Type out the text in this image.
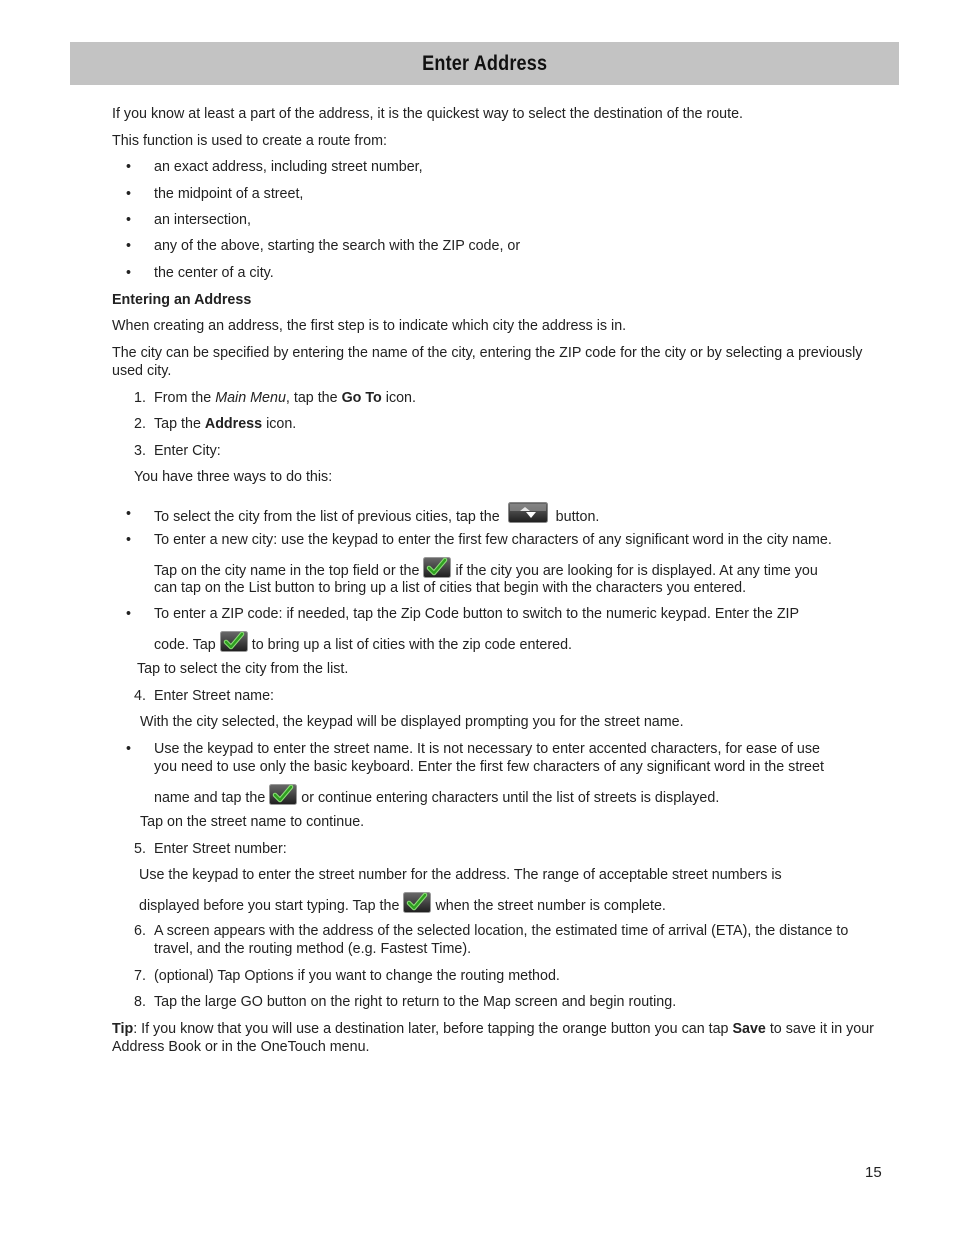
Enter Address
If you know at least a part of the address, it is the quickest way to select the destination of the route.
This function is used to create a route from:
• an exact address, including street number,
• the midpoint of a street,
• an intersection,
• any of the above, starting the search with the ZIP code, or
• the center of a city.
Entering an Address
When creating an address, the first step is to indicate which city the address is in.
The city can be specified by entering the name of the city, entering the ZIP code for the city or by selecting a previously used city.
1. From the Main Menu, tap the Go To icon.
2. Tap the Address icon.
3. Enter City:
You have three ways to do this:
• To select the city from the list of previous cities, tap the	button.
• To enter a new city: use the keypad to enter the first few characters of any significant word in the city name.
Tap on the city name in the top field or the	if the city you are looking for is displayed. At any time you
can tap on the List button to bring up a list of cities that begin with the characters you entered.
• To enter a ZIP code: if needed, tap the Zip Code button to switch to the numeric keypad. Enter the ZIP
code. Tap	to bring up a list of cities with the zip code entered.
Tap to select the city from the list.
4. Enter Street name:
With the city selected, the keypad will be displayed prompting you for the street name.
• Use the keypad to enter the street name. It is not necessary to enter accented characters, for ease of use
you need to use only the basic keyboard. Enter the first few characters of any significant word in the street
name and tap the	or continue entering characters until the list of streets is displayed.
Tap on the street name to continue.
5. Enter Street number:
Use the keypad to enter the street number for the address. The range of acceptable street numbers is
displayed before you start typing. Tap the	when the street number is complete.
6. A screen appears with the address of the selected location, the estimated time of arrival (ETA), the distance to travel, and the routing method (e.g. Fastest Time).
7. (optional) Tap Options if you want to change the routing method.
8. Tap the large GO button on the right to return to the Map screen and begin routing.
Tip: If you know that you will use a destination later, before tapping the orange button you can tap Save to save it in your Address Book or in the OneTouch menu.
15
